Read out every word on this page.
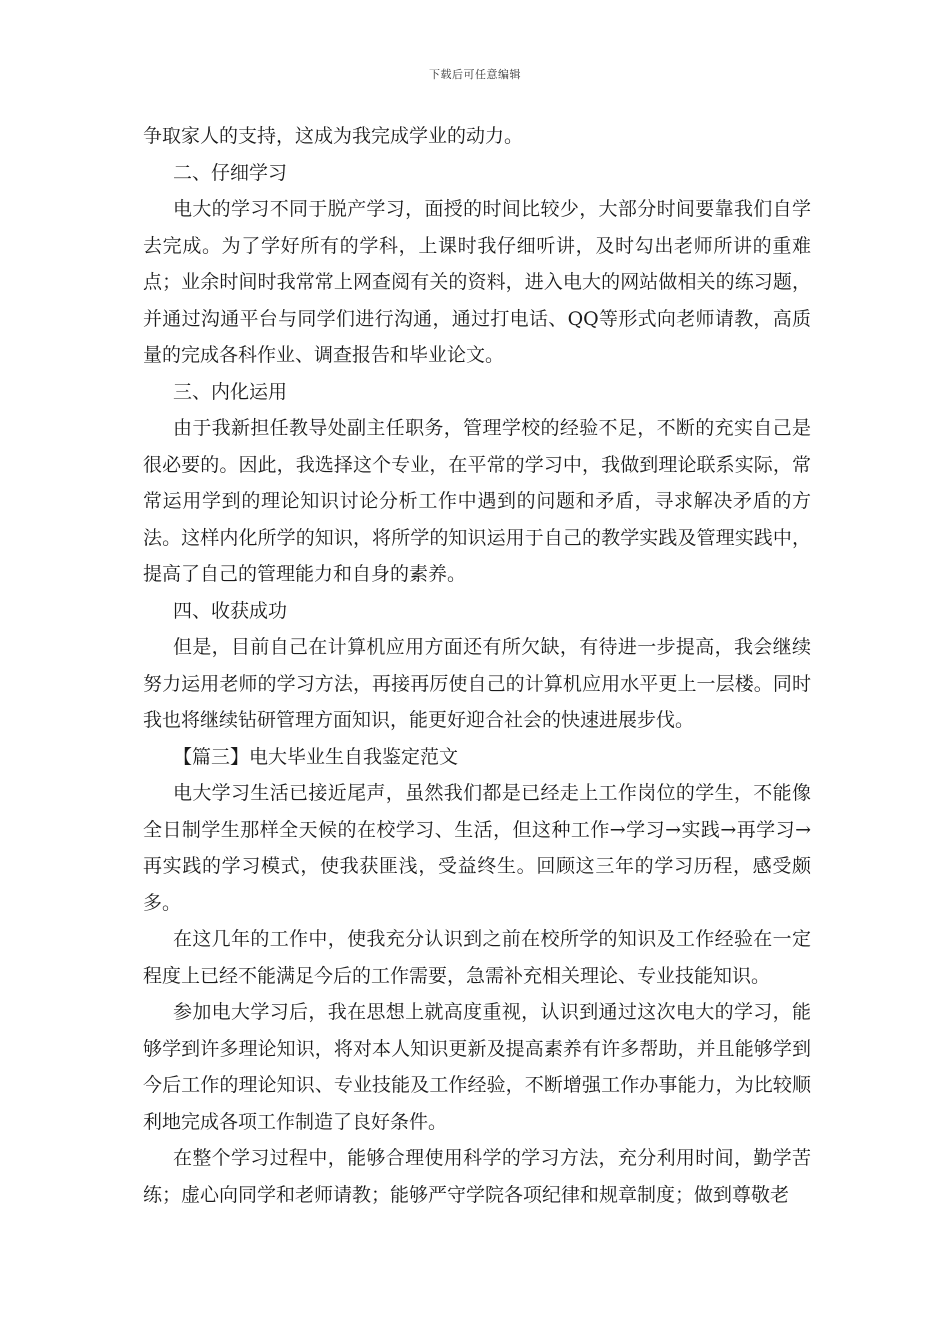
下载后可任意编辑

争取家人的支持，这成为我完成学业的动力。

二、仔细学习

电大的学习不同于脱产学习，面授的时间比较少，大部分时间要靠我们自学去完成。为了学好所有的学科，上课时我仔细听讲，及时勾出老师所讲的重难点；业余时间时我常常上网查阅有关的资料，进入电大的网站做相关的练习题，并通过沟通平台与同学们进行沟通，通过打电话、QQ等形式向老师请教，高质量的完成各科作业、调查报告和毕业论文。

三、内化运用

由于我新担任教导处副主任职务，管理学校的经验不足，不断的充实自己是很必要的。因此，我选择这个专业，在平常的学习中，我做到理论联系实际，常常运用学到的理论知识讨论分析工作中遇到的问题和矛盾，寻求解决矛盾的方法。这样内化所学的知识，将所学的知识运用于自己的教学实践及管理实践中，提高了自己的管理能力和自身的素养。

四、收获成功

但是，目前自己在计算机应用方面还有所欠缺，有待进一步提高，我会继续努力运用老师的学习方法，再接再厉使自己的计算机应用水平更上一层楼。同时我也将继续钻研管理方面知识，能更好迎合社会的快速进展步伐。

【篇三】电大毕业生自我鉴定范文

电大学习生活已接近尾声，虽然我们都是已经走上工作岗位的学生，不能像全日制学生那样全天候的在校学习、生活，但这种工作→学习→实践→再学习→再实践的学习模式，使我获匪浅，受益终生。回顾这三年的学习历程，感受颇多。

在这几年的工作中，使我充分认识到之前在校所学的知识及工作经验在一定程度上已经不能满足今后的工作需要，急需补充相关理论、专业技能知识。

参加电大学习后，我在思想上就高度重视，认识到通过这次电大的学习，能够学到许多理论知识，将对本人知识更新及提高素养有许多帮助，并且能够学到今后工作的理论知识、专业技能及工作经验，不断增强工作办事能力，为比较顺利地完成各项工作制造了良好条件。

在整个学习过程中，能够合理使用科学的学习方法，充分利用时间，勤学苦练；虚心向同学和老师请教；能够严守学院各项纪律和规章制度；做到尊敬老
